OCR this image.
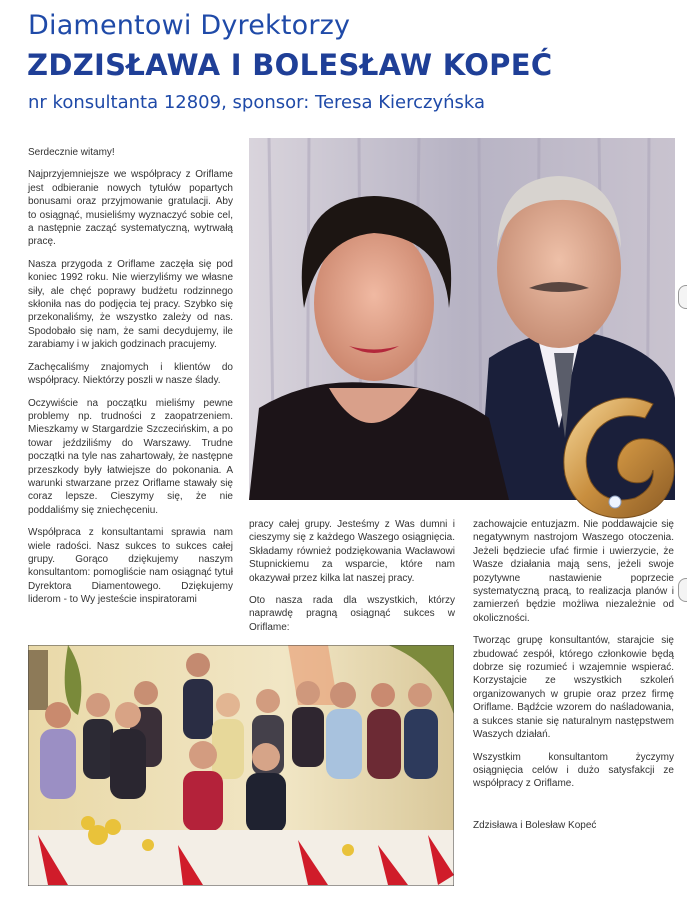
Diamentowi Dyrektorzy
ZDZISŁAWA I BOLESŁAW KOPEĆ
nr konsultanta 12809, sponsor: Teresa Kierczyńska

Serdecznie witamy!

Najprzyjemniejsze we współpracy z Oriflame jest odbieranie nowych tytułów popartych bonusami oraz przyjmowanie gratulacji. Aby to osiągnąć, musieliśmy wyznaczyć sobie cel, a następnie zacząć systematyczną, wytrwałą pracę.

Nasza przygoda z Oriflame zaczęła się pod koniec 1992 roku. Nie wierzyliśmy we własne siły, ale chęć poprawy budżetu rodzinnego skłoniła nas do podjęcia tej pracy. Szybko się przekonaliśmy, że wszystko zależy od nas. Spodobało się nam, że sami decydujemy, ile zarabiamy i w jakich godzinach pracujemy.

Zachęcaliśmy znajomych i klientów do współpracy. Niektórzy poszli w nasze ślady.

Oczywiście na początku mieliśmy pewne problemy np. trudności z zaopatrzeniem. Mieszkamy w Stargardzie Szczecińskim, a po towar jeździliśmy do Warszawy. Trudne początki na tyle nas zahartowały, że następne przeszkody były łatwiejsze do pokonania. A warunki stwarzane przez Oriflame stawały się coraz lepsze. Cieszymy się, że nie poddaliśmy się zniechęceniu.

Współpraca z konsultantami sprawia nam wiele radości. Nasz sukces to sukces całej grupy. Gorąco dziękujemy naszym konsultantom: pomogliście nam osiągnąć tytuł Dyrektora Diamentowego. Dziękujemy liderom - to Wy jesteście inspiratorami

pracy całej grupy. Jesteśmy z Was dumni i cieszymy się z każdego Waszego osiągnięcia. Składamy również podziękowania Wacławowi Stupnickiemu za wsparcie, które nam okazywał przez kilka lat naszej pracy.

Oto nasza rada dla wszystkich, którzy naprawdę pragną osiągnąć sukces w Oriflame:

zachowajcie entuzjazm. Nie poddawajcie się negatywnym nastrojom Waszego otoczenia. Jeżeli będziecie ufać firmie i uwierzycie, że Wasze działania mają sens, jeżeli swoje pozytywne nastawienie poprzecie systematyczną pracą, to realizacja planów i zamierzeń będzie możliwa niezależnie od okoliczności.

Tworząc grupę konsultantów, starajcie się zbudować zespół, którego członkowie będą dobrze się rozumieć i wzajemnie wspierać. Korzystajcie ze wszystkich szkoleń organizowanych w grupie oraz przez firmę Oriflame. Bądźcie wzorem do naśladowania, a sukces stanie się naturalnym następstwem Waszych działań.

Wszystkim konsultantom życzymy osiągnięcia celów i dużo satysfakcji ze współpracy z Oriflame.

Zdzisława i Bolesław Kopeć
